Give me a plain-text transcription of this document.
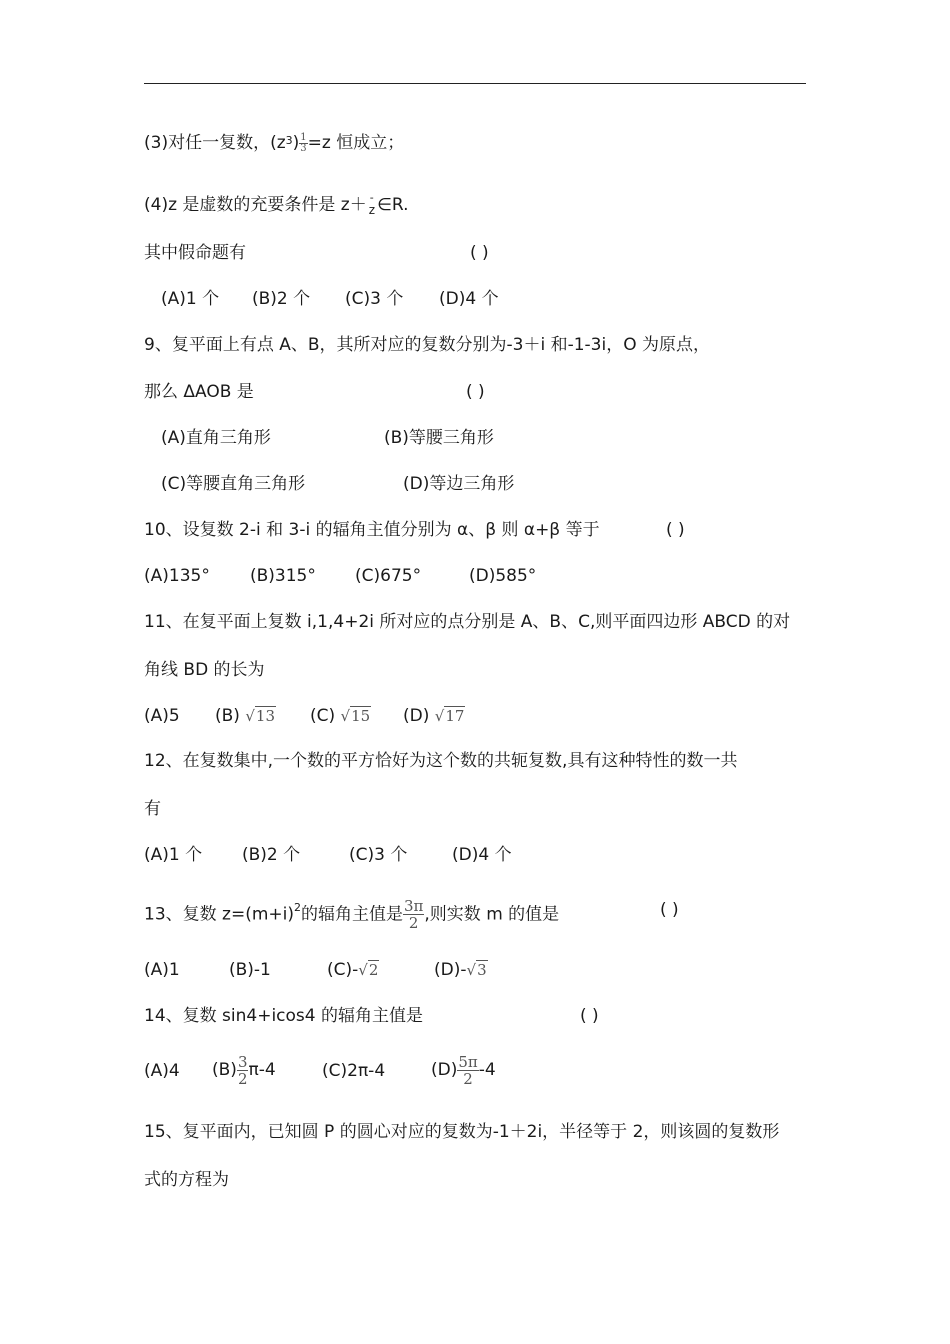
(3)对任一复数，$(z^3) \frac{1}{3} =z$ 恒成立；
(4)z 是虚数的充要条件是 z＋- z ∈R.
其中假命题有	( )
(A)1 个 (B)2 个 (C)3 个 (D)4 个
9、复平面上有点 A、B，其所对应的复数分别为-3＋i 和-1-3i，O 为原点，
那么 ΔAOB 是	( )
(A)直角三角形	(B)等腰三角形
(C)等腰直角三角形	(D)等边三角形
10、设复数 2-i 和 3-i 的辐角主值分别为 α、β 则 α+β 等于	( )
(A)135° (B)315° (C)675°	(D)585°
11、在复平面上复数 i,1,4+2i 所对应的点分别是 A、B、C,则平面四边形 ABCD 的对
角线 BD 的长为
(A)5 (B) √13 (C) √15 (D) √17
12、在复数集中,一个数的平方恰好为这个数的共轭复数,具有这种特性的数一共
有
(A)1 个 (B)2 个	(C)3 个	(D)4 个
13、复数 $z=(m+i)^2$的辐角主值是 $\frac{3\pi}{2}$ ,则实数 m 的值是	( )
(A)1	(B)-1	(C)-√2	(D)-√3
14、复数 sin4+icos4 的辐角主值是	( )
(A)4 $(B) \frac{3}{2} \pi-4$	(C)2π-4	$(D) \frac{5\pi}{2} -4$
15、复平面内，已知圆 P 的圆心对应的复数为-1＋2i，半径等于 2，则该圆的复数形
式的方程为
